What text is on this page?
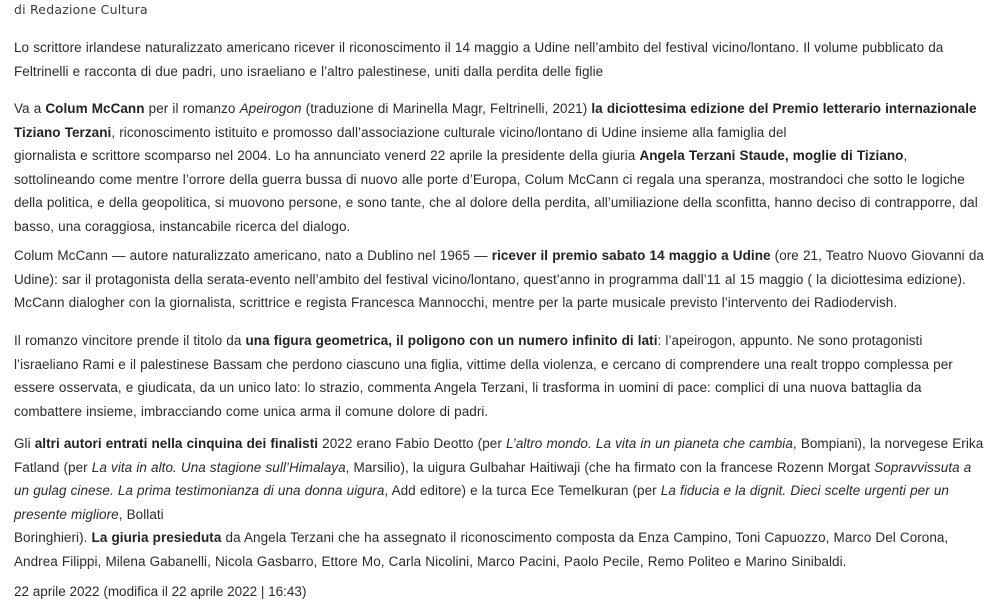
di Redazione Cultura

Lo scrittore irlandese naturalizzato americano ricever il riconoscimento il 14 maggio a Udine nell’ambito del festival vicino/lontano. Il volume pubblicato da Feltrinelli e racconta di due padri, uno israeliano e l’altro palestinese, uniti dalla perdita delle figlie

Va a Colum McCann per il romanzo Apeirogon (traduzione di Marinella Magr, Feltrinelli, 2021) la diciottesima edizione del Premio letterario internazionale Tiziano Terzani, riconoscimento istituito e promosso dall’associazione culturale vicino/lontano di Udine insieme alla famiglia del
giornalista e scrittore scomparso nel 2004. Lo ha annunciato venerd 22 aprile la presidente della giuria Angela Terzani Staude, moglie di Tiziano, sottolineando come mentre l’orrore della guerra bussa di nuovo alle porte d’Europa, Colum McCann ci regala una speranza, mostrandoci che sotto le logiche della politica, e della geopolitica, si muovono persone, e sono tante, che al dolore della perdita, all’umiliazione della sconfitta, hanno deciso di contrapporre, dal basso, una coraggiosa, instancabile ricerca del dialogo.

Colum McCann — autore naturalizzato americano, nato a Dublino nel 1965 — ricever il premio sabato 14 maggio a Udine (ore 21, Teatro Nuovo Giovanni da Udine): sar il protagonista della serata-evento nell’ambito del festival vicino/lontano, quest’anno in programma dall’11 al 15 maggio ( la diciottesima edizione). McCann dialogher con la giornalista, scrittrice e regista Francesca Mannocchi, mentre per la parte musicale previsto l’intervento dei Radiodervish.

Il romanzo vincitore prende il titolo da una figura geometrica, il poligono con un numero infinito di lati: l’apeirogon, appunto. Ne sono protagonisti l’israeliano Rami e il palestinese Bassam che perdono ciascuno una figlia, vittime della violenza, e cercano di comprendere una realt troppo complessa per essere osservata, e giudicata, da un unico lato: lo strazio, commenta Angela Terzani, li trasforma in uomini di pace: complici di una nuova battaglia da combattere insieme, imbracciando come unica arma il comune dolore di padri.

Gli altri autori entrati nella cinquina dei finalisti 2022 erano Fabio Deotto (per L’altro mondo. La vita in un pianeta che cambia, Bompiani), la norvegese Erika Fatland (per La vita in alto. Una stagione sull’Himalaya, Marsilio), la uigura Gulbahar Haitiwaji (che ha firmato con la francese Rozenn Morgat Sopravvissuta a un gulag cinese. La prima testimonianza di una donna uigura, Add editore) e la turca Ece Temelkuran (per La fiducia e la dignit. Dieci scelte urgenti per un presente migliore, Bollati
Boringhieri). La giuria presieduta da Angela Terzani che ha assegnato il riconoscimento composta da Enza Campino, Toni Capuozzo, Marco Del Corona, Andrea Filippi, Milena Gabanelli, Nicola Gasbarro, Ettore Mo, Carla Nicolini, Marco Pacini, Paolo Pecile, Remo Politeo e Marino Sinibaldi.

22 aprile 2022 (modifica il 22 aprile 2022 | 16:43)
